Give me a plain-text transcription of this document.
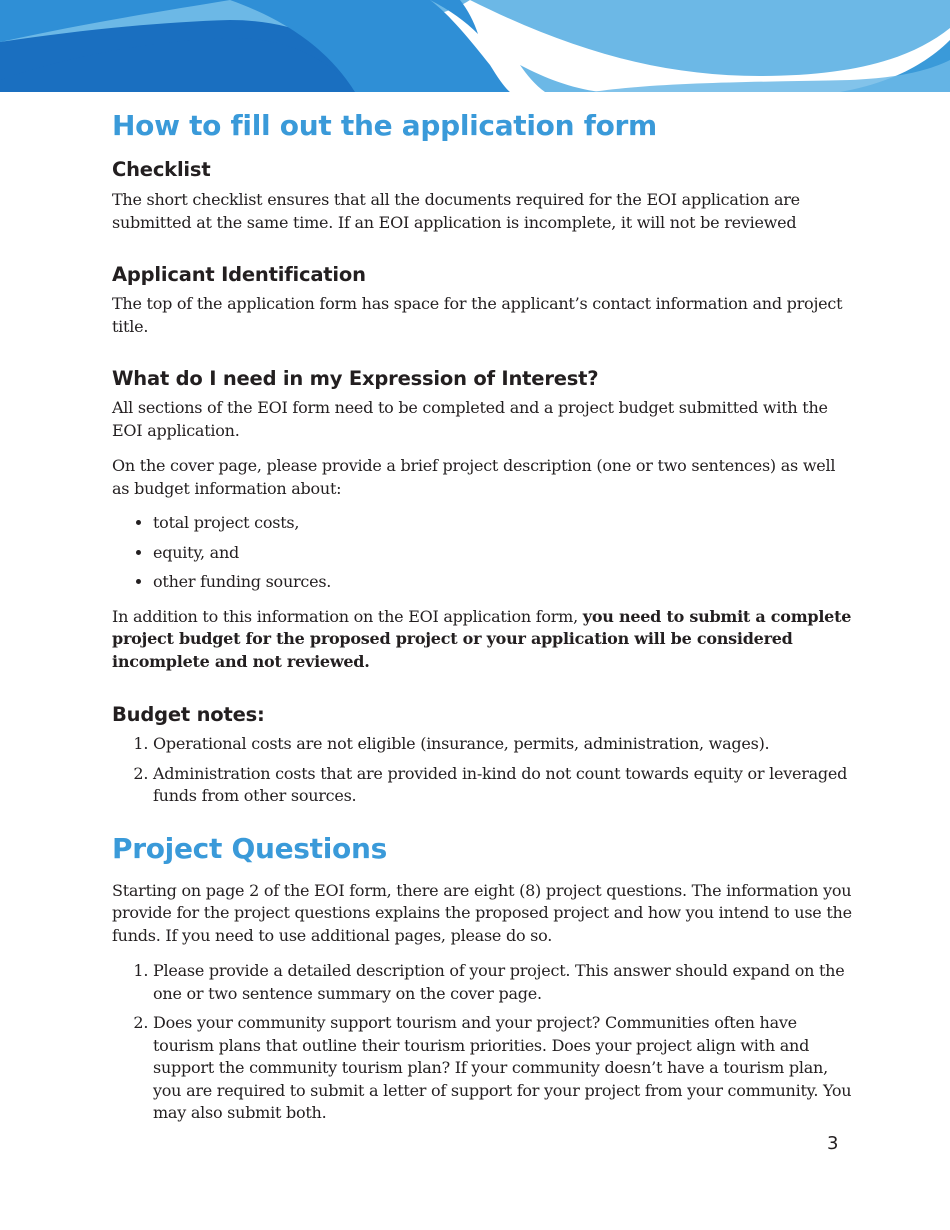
How to fill out the application form
Checklist

The short checklist ensures that all the documents required for the EOI application are submitted at the same time. If an EOI application is incomplete, it will not be reviewed

Applicant Identification

The top of the application form has space for the applicant’s contact information and project title.

What do I need in my Expression of Interest?

All sections of the EOI form need to be completed and a project budget submitted with the EOI application.

On the cover page, please provide a brief project description (one or two sentences) as well as budget information about:

• total project costs,
• equity, and
• other funding sources.

In addition to this information on the EOI application form, you need to submit a complete project budget for the proposed project or your application will be considered incomplete and not reviewed.

Budget notes:
1. Operational costs are not eligible (insurance, permits, administration, wages).
2. Administration costs that are provided in-kind do not count towards equity or leveraged funds from other sources.
Project Questions

Starting on page 2 of the EOI form, there are eight (8) project questions. The information you provide for the project questions explains the proposed project and how you intend to use the funds. If you need to use additional pages, please do so.

1. Please provide a detailed description of your project. This answer should expand on the one or two sentence summary on the cover page.
2. Does your community support tourism and your project? Communities often have tourism plans that outline their tourism priorities. Does your project align with and support the community tourism plan? If your community doesn’t have a tourism plan, you are required to submit a letter of support for your project from your community. You may also submit both.
3
